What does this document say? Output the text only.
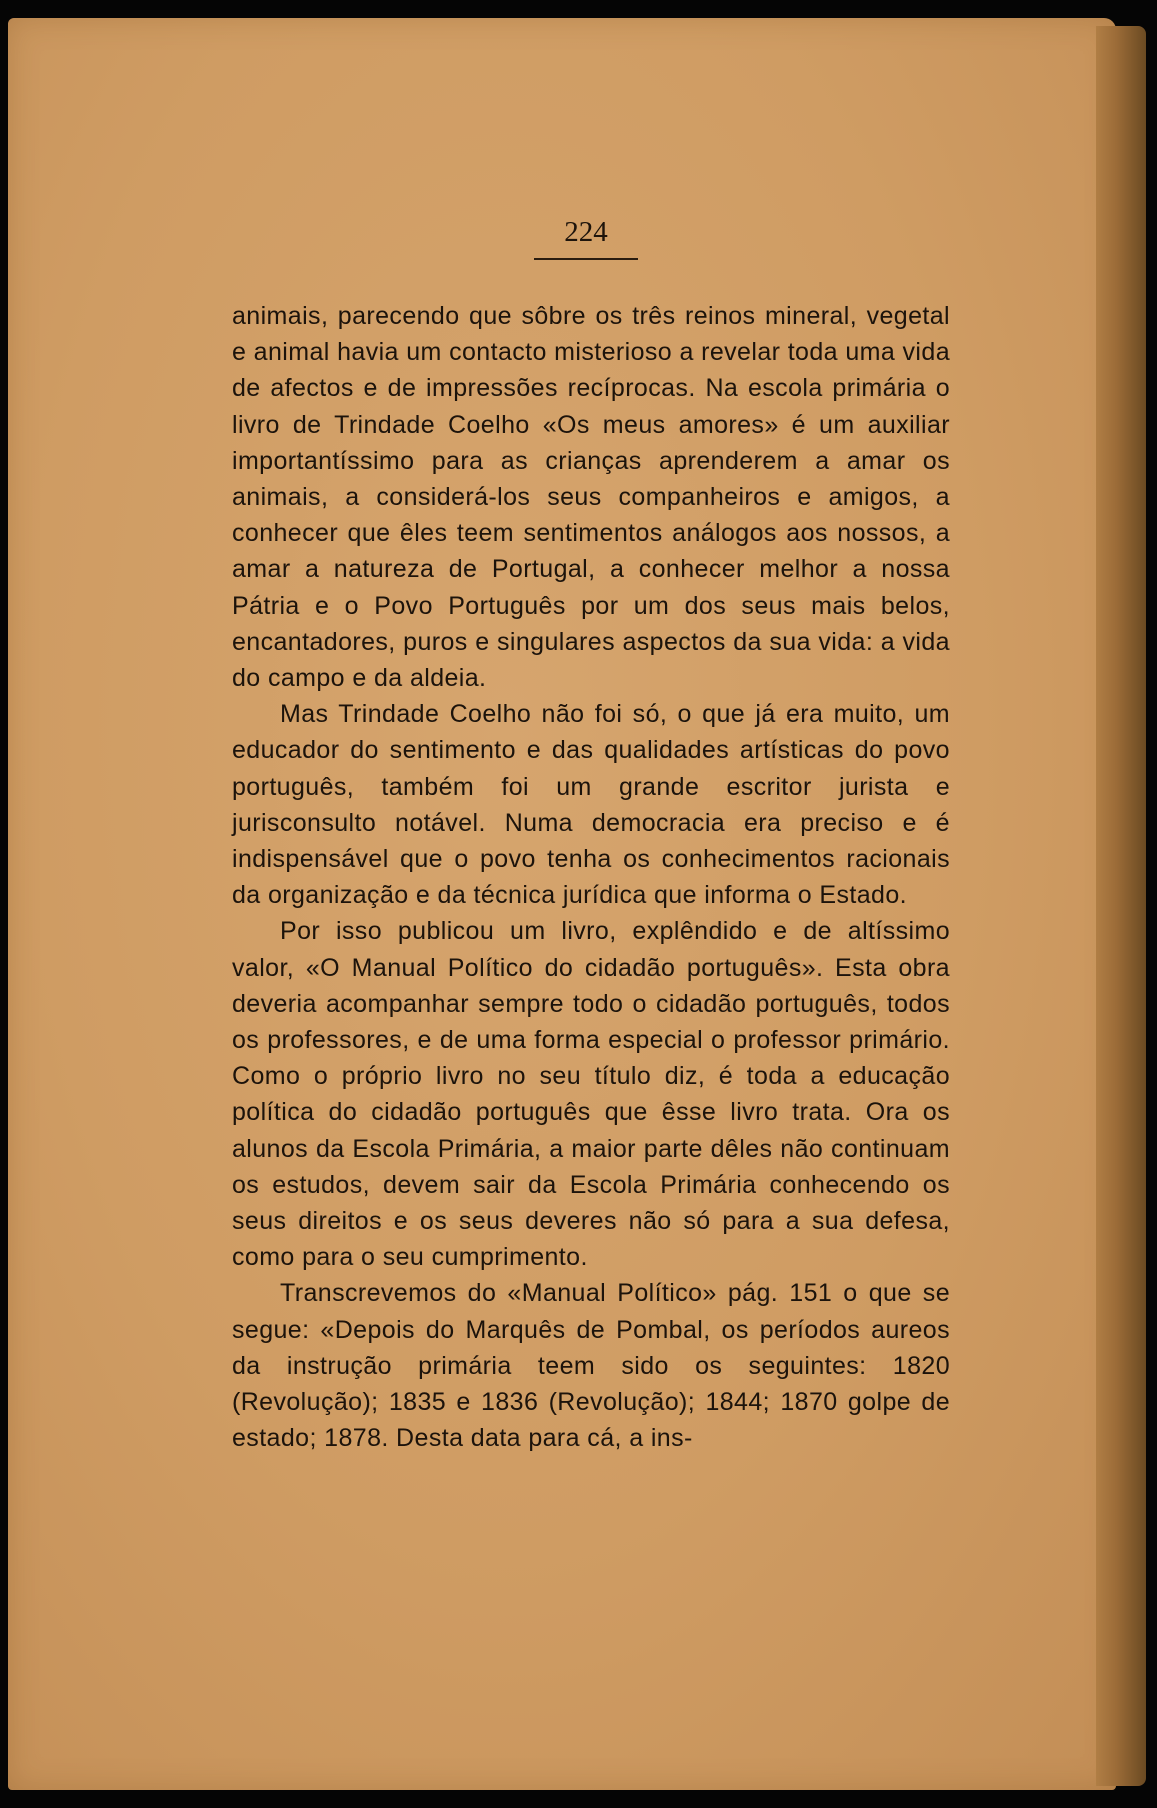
224

animais, parecendo que sôbre os três reinos mineral, vegetal e animal havia um contacto misterioso a revelar toda uma vida de afectos e de impressões recíprocas. Na escola primária o livro de Trindade Coelho «Os meus amores» é um auxiliar importantíssimo para as crianças aprenderem a amar os animais, a considerá-los seus companheiros e amigos, a conhecer que êles teem sentimentos análogos aos nossos, a amar a natureza de Portugal, a conhecer melhor a nossa Pátria e o Povo Português por um dos seus mais belos, encantadores, puros e singulares aspectos da sua vida: a vida do campo e da aldeia.

Mas Trindade Coelho não foi só, o que já era muito, um educador do sentimento e das qualidades artísticas do povo português, também foi um grande escritor jurista e jurisconsulto notável. Numa democracia era preciso e é indispensável que o povo tenha os conhecimentos racionais da organização e da técnica jurídica que informa o Estado.

Por isso publicou um livro, explêndido e de altíssimo valor, «O Manual Político do cidadão português». Esta obra deveria acompanhar sempre todo o cidadão português, todos os professores, e de uma forma especial o professor primário. Como o próprio livro no seu título diz, é toda a educação política do cidadão português que êsse livro trata. Ora os alunos da Escola Primária, a maior parte dêles não continuam os estudos, devem sair da Escola Primária conhecendo os seus direitos e os seus deveres não só para a sua defesa, como para o seu cumprimento.

Transcrevemos do «Manual Político» pág. 151 o que se segue: «Depois do Marquês de Pombal, os períodos aureos da instrução primária teem sido os seguintes: 1820 (Revolução); 1835 e 1836 (Revolução); 1844; 1870 golpe de estado; 1878. Desta data para cá, a ins-
